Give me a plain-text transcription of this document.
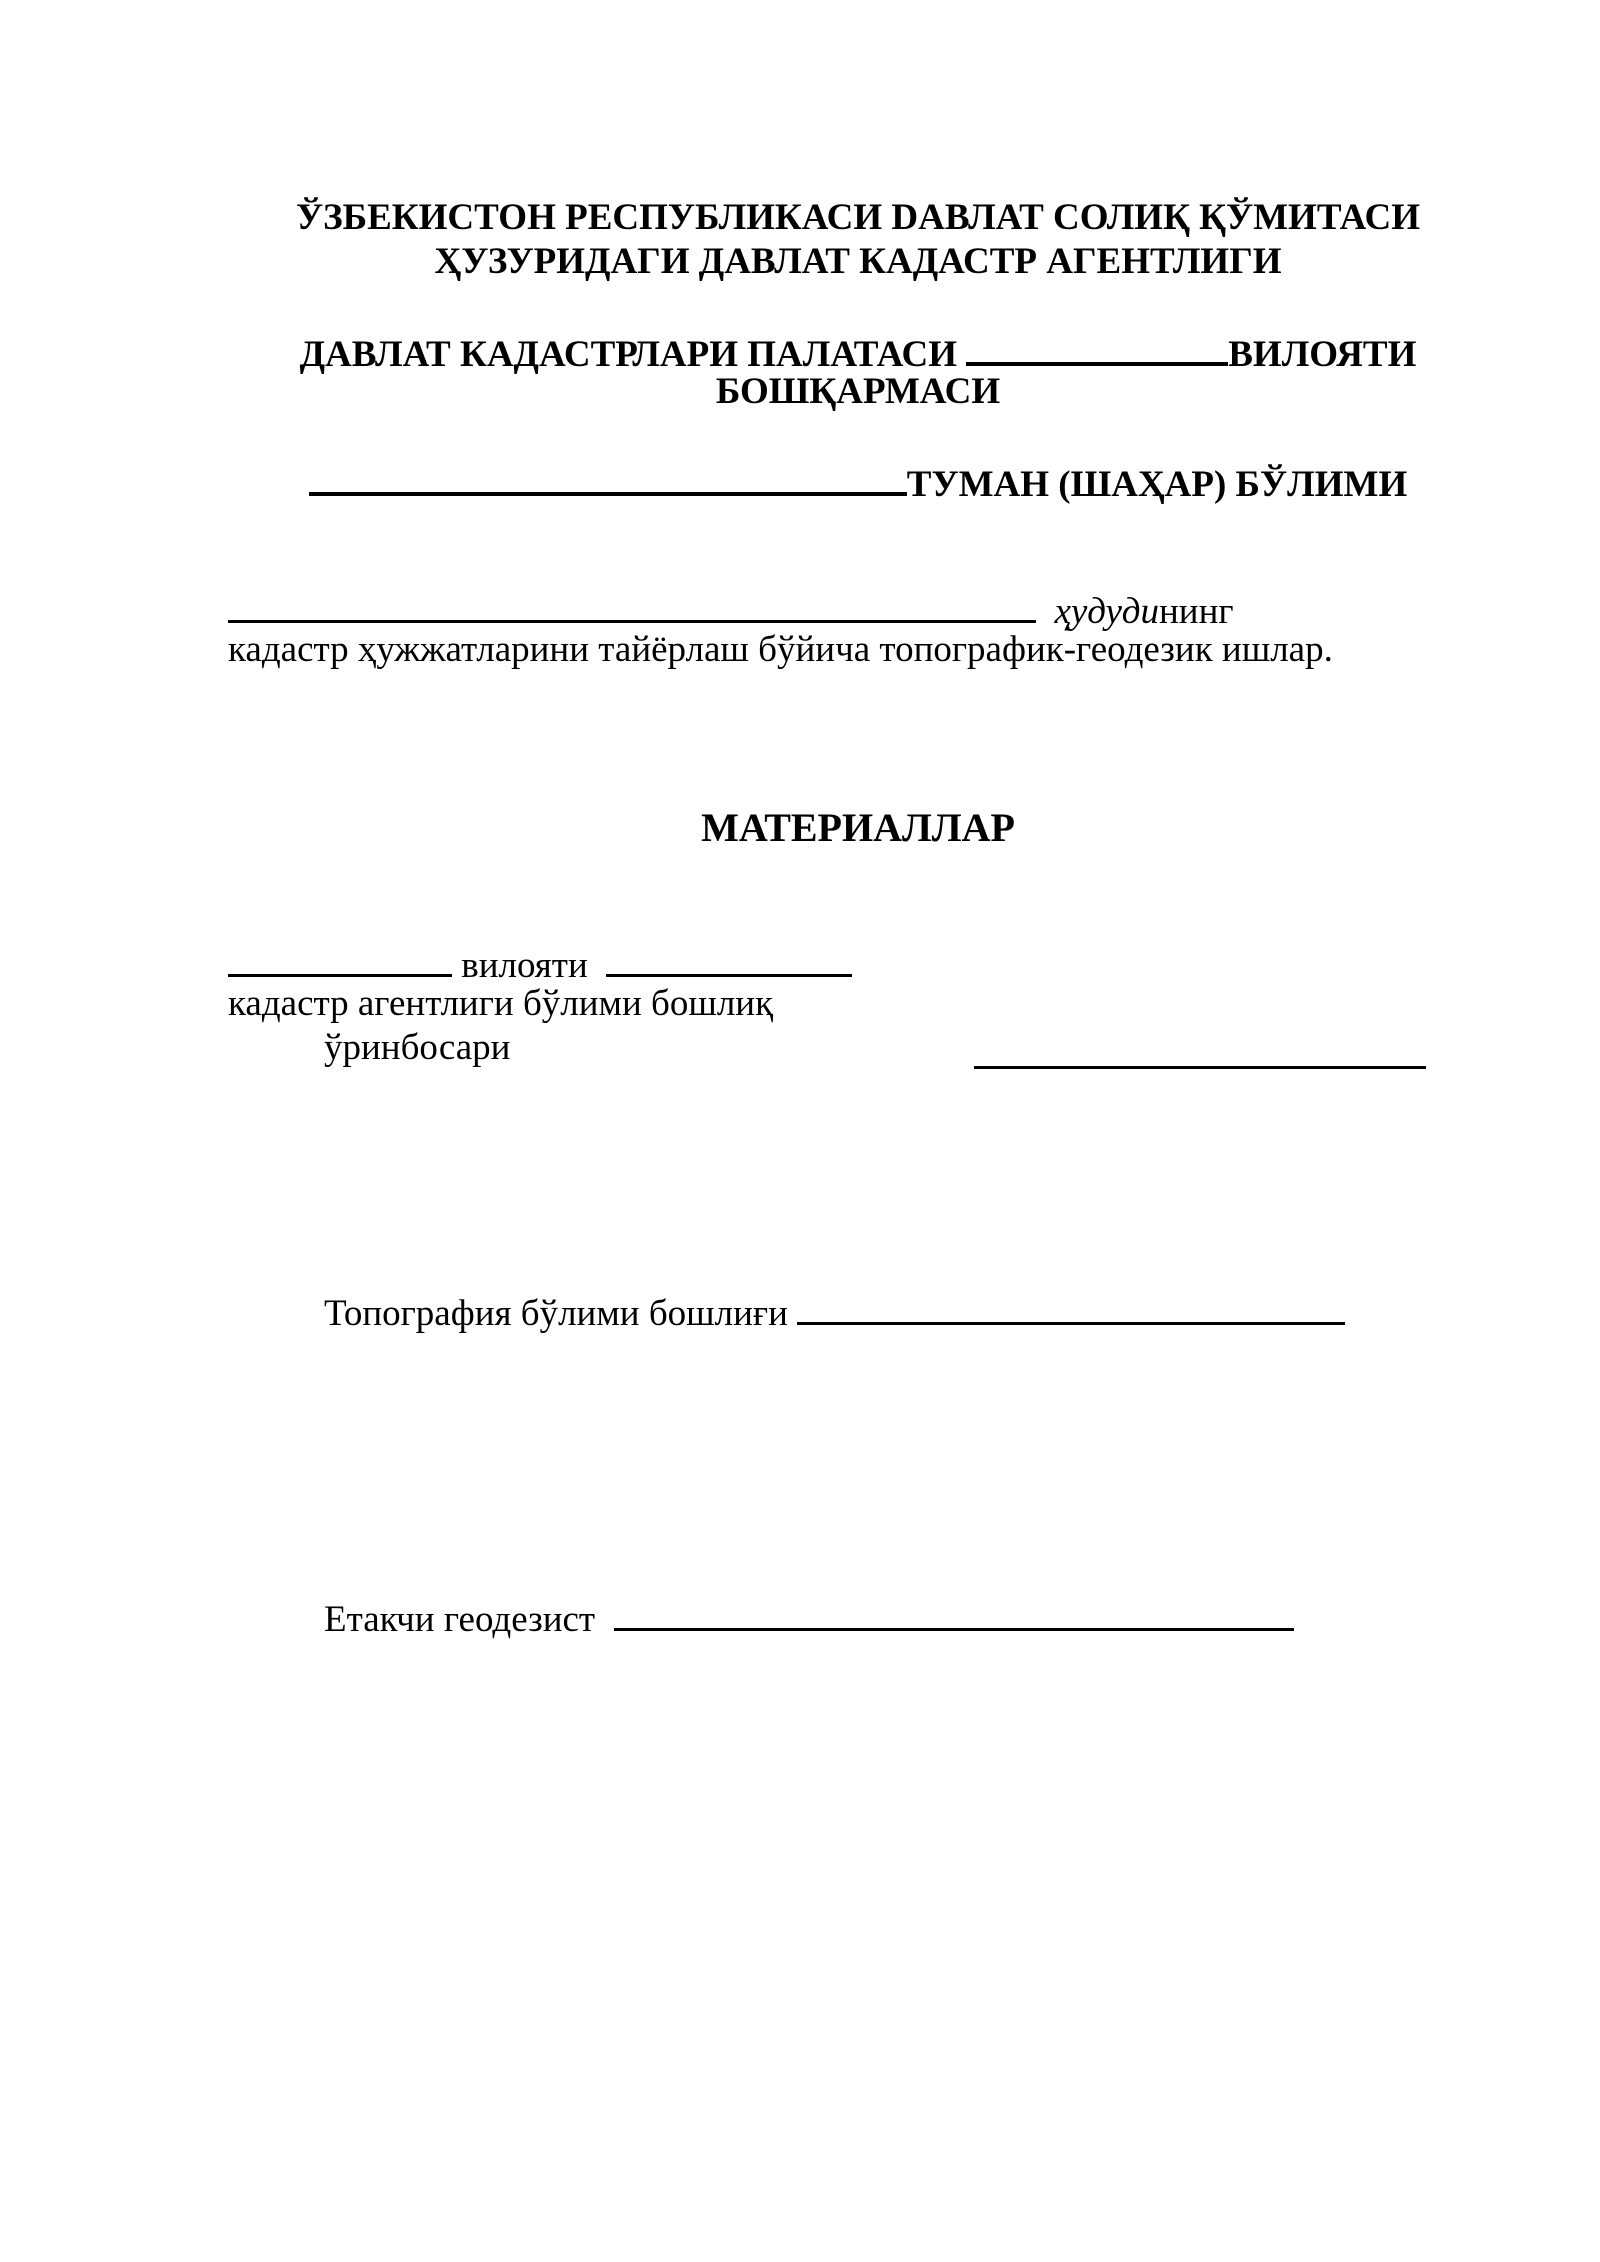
ЎЗБЕКИСТОН РЕСПУБЛИКАСИ DАВЛАТ СОЛИҚ ҚЎМИТАСИ
ҲУЗУРИДАГИ ДАВЛАТ КАДАСТР АГЕНТЛИГИ
ДАВЛАТ КАДАСТРЛАРИ ПАЛАТАСИ	ВИЛОЯТИ
БОШҚАРМАСИ
ТУМАН (ШАҲАР) БЎЛИМИ
ҳудудининг
кадастр ҳужжатларини тайёрлаш бўйича топографик-геодезик ишлар.
МАТЕРИАЛЛАР
вилояти
кадастр агентлиги бўлими бошлиқ
ўринбосари
Топография бўлими бошлиғи
Етакчи геодезист
